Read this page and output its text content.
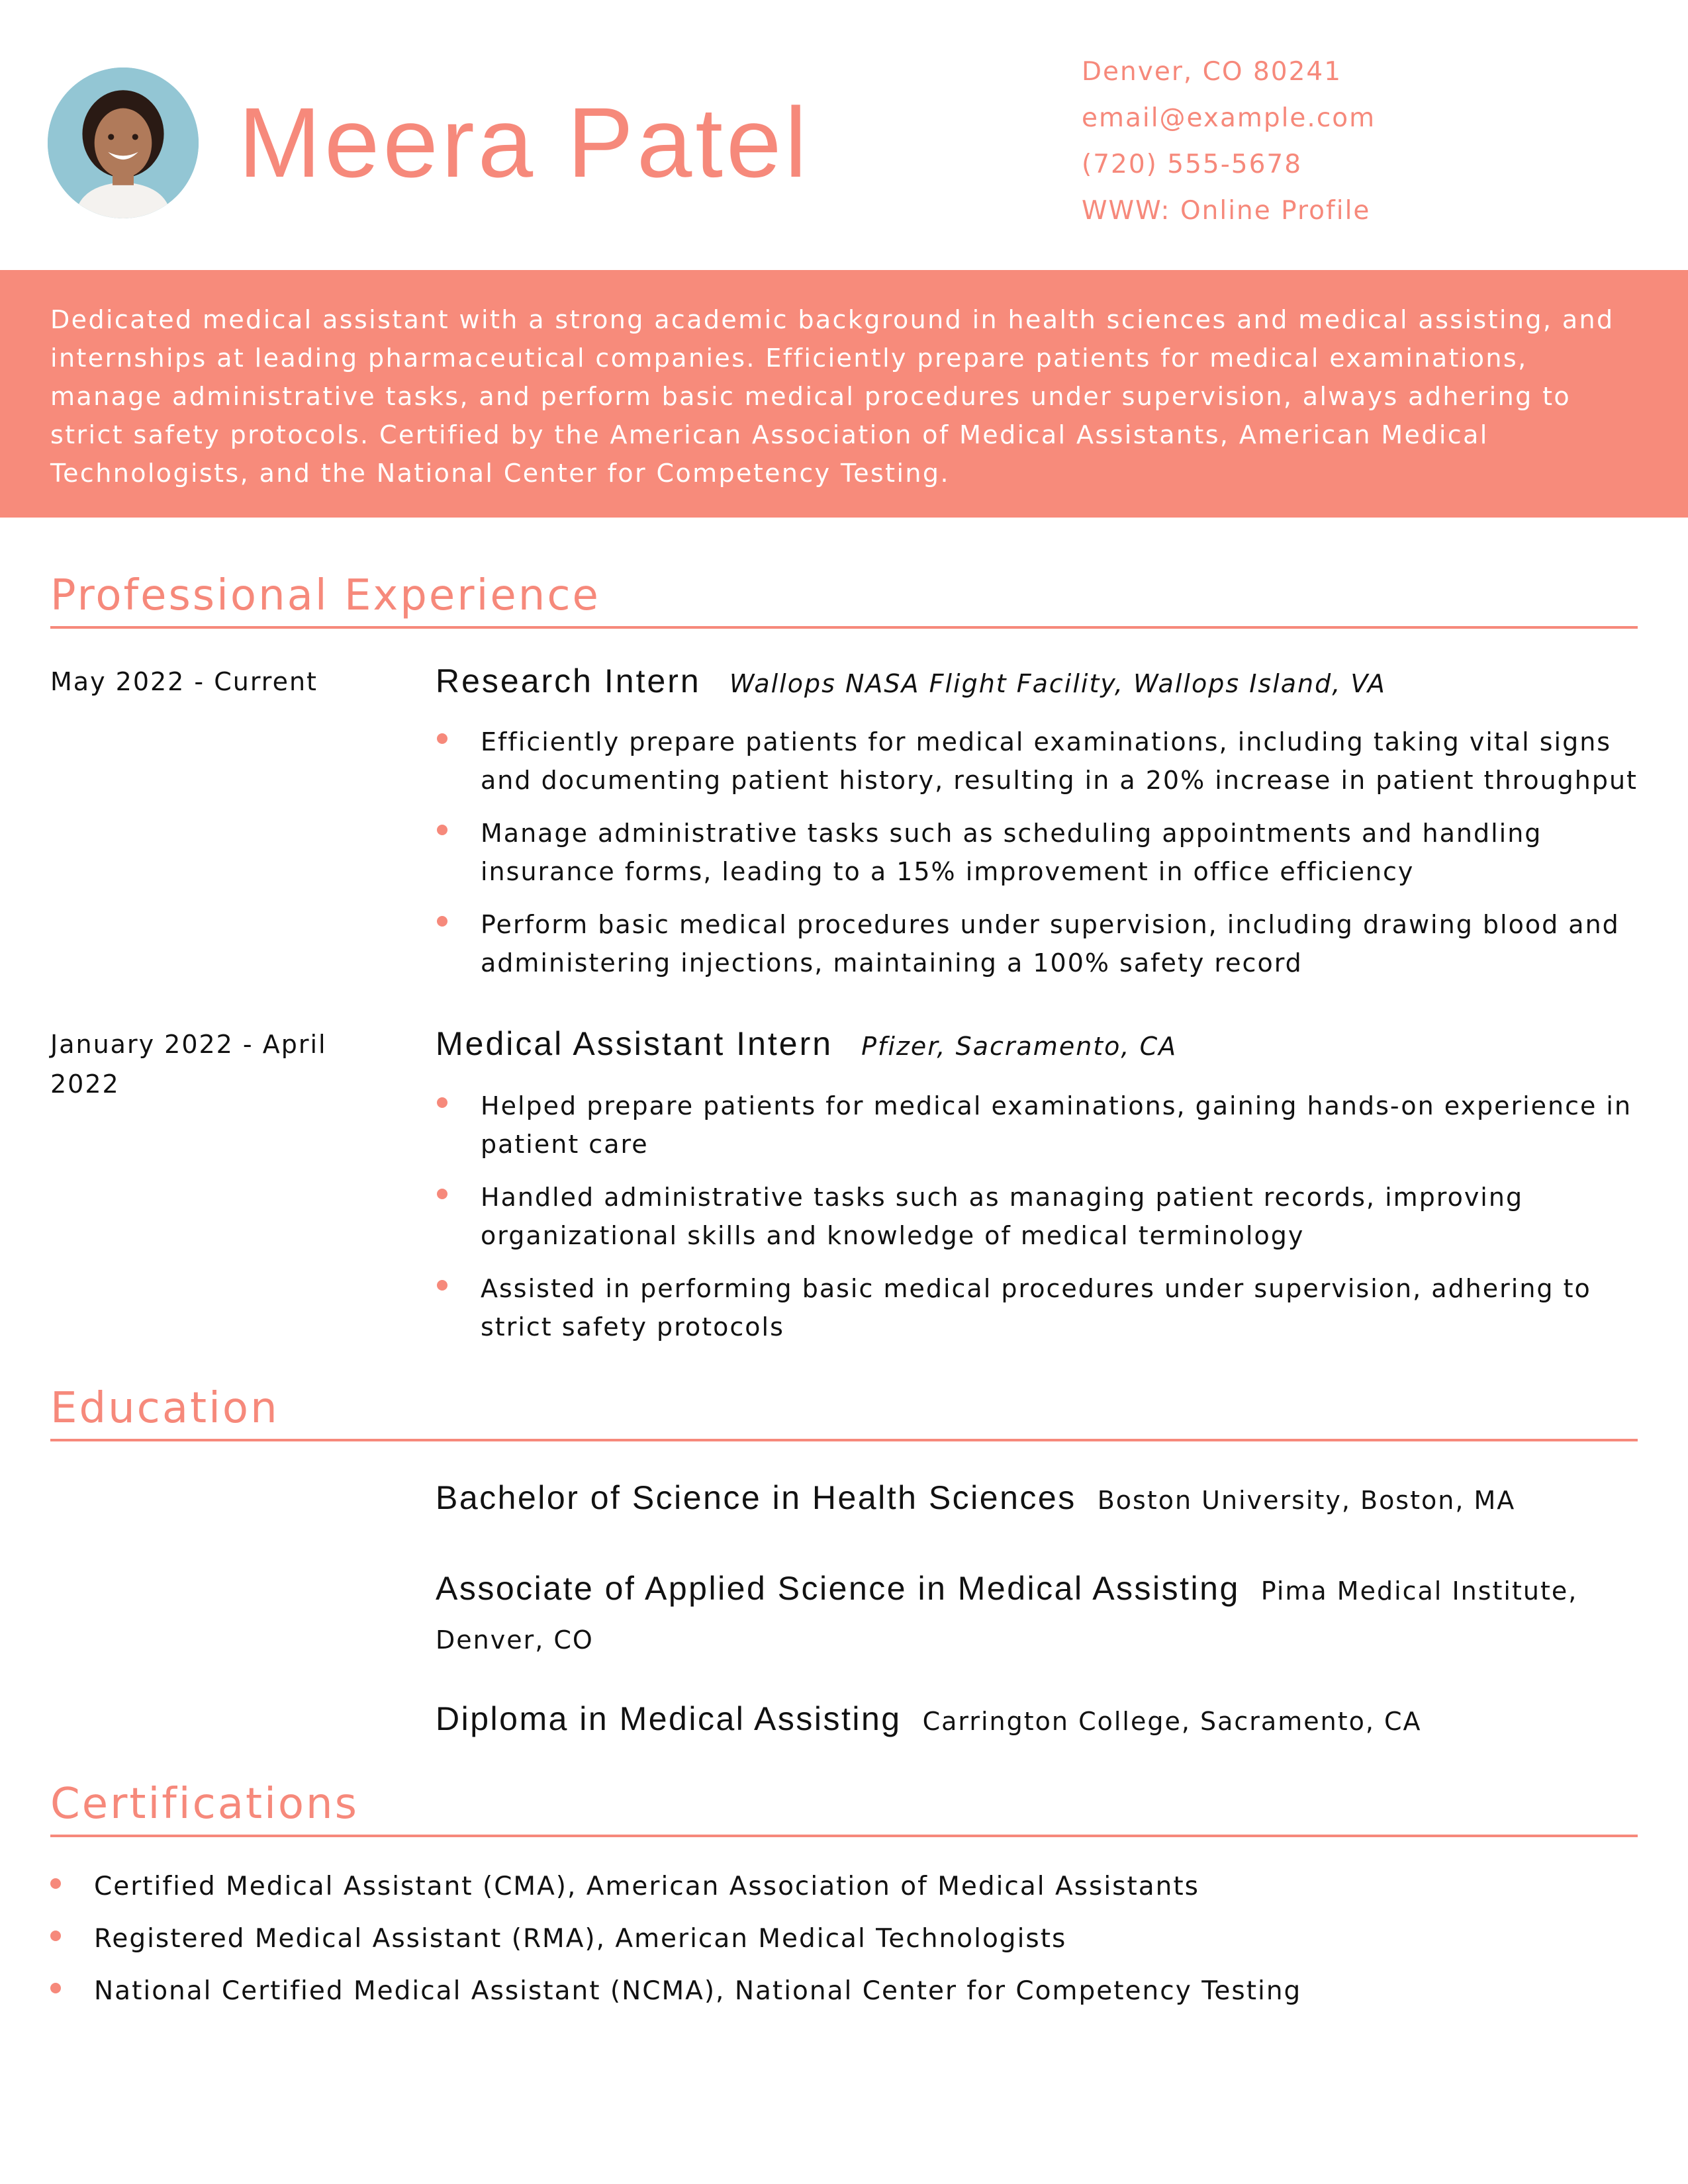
Meera Patel
Denver, CO 80241
email@example.com
(720) 555-5678
WWW: Online Profile
Dedicated medical assistant with a strong academic background in health sciences and medical assisting, and internships at leading pharmaceutical companies. Efficiently prepare patients for medical examinations, manage administrative tasks, and perform basic medical procedures under supervision, always adhering to strict safety protocols. Certified by the American Association of Medical Assistants, American Medical Technologists, and the National Center for Competency Testing.
Professional Experience
May 2022 - Current	Research Intern Wallops NASA Flight Facility, Wallops Island, VA
Efficiently prepare patients for medical examinations, including taking vital signs and documenting patient history, resulting in a 20% increase in patient throughput
Manage administrative tasks such as scheduling appointments and handling insurance forms, leading to a 15% improvement in office efficiency
Perform basic medical procedures under supervision, including drawing blood and administering injections, maintaining a 100% safety record
January 2022 - April 2022
Medical Assistant Intern Pfizer, Sacramento, CA
Helped prepare patients for medical examinations, gaining hands-on experience in patient care
Handled administrative tasks such as managing patient records, improving organizational skills and knowledge of medical terminology
Assisted in performing basic medical procedures under supervision, adhering to strict safety protocols
Education
Bachelor of Science in Health Sciences Boston University, Boston, MA
Associate of Applied Science in Medical Assisting Pima Medical Institute, Denver, CO
Diploma in Medical Assisting Carrington College, Sacramento, CA
Certifications
Certified Medical Assistant (CMA), American Association of Medical Assistants
Registered Medical Assistant (RMA), American Medical Technologists
National Certified Medical Assistant (NCMA), National Center for Competency Testing
